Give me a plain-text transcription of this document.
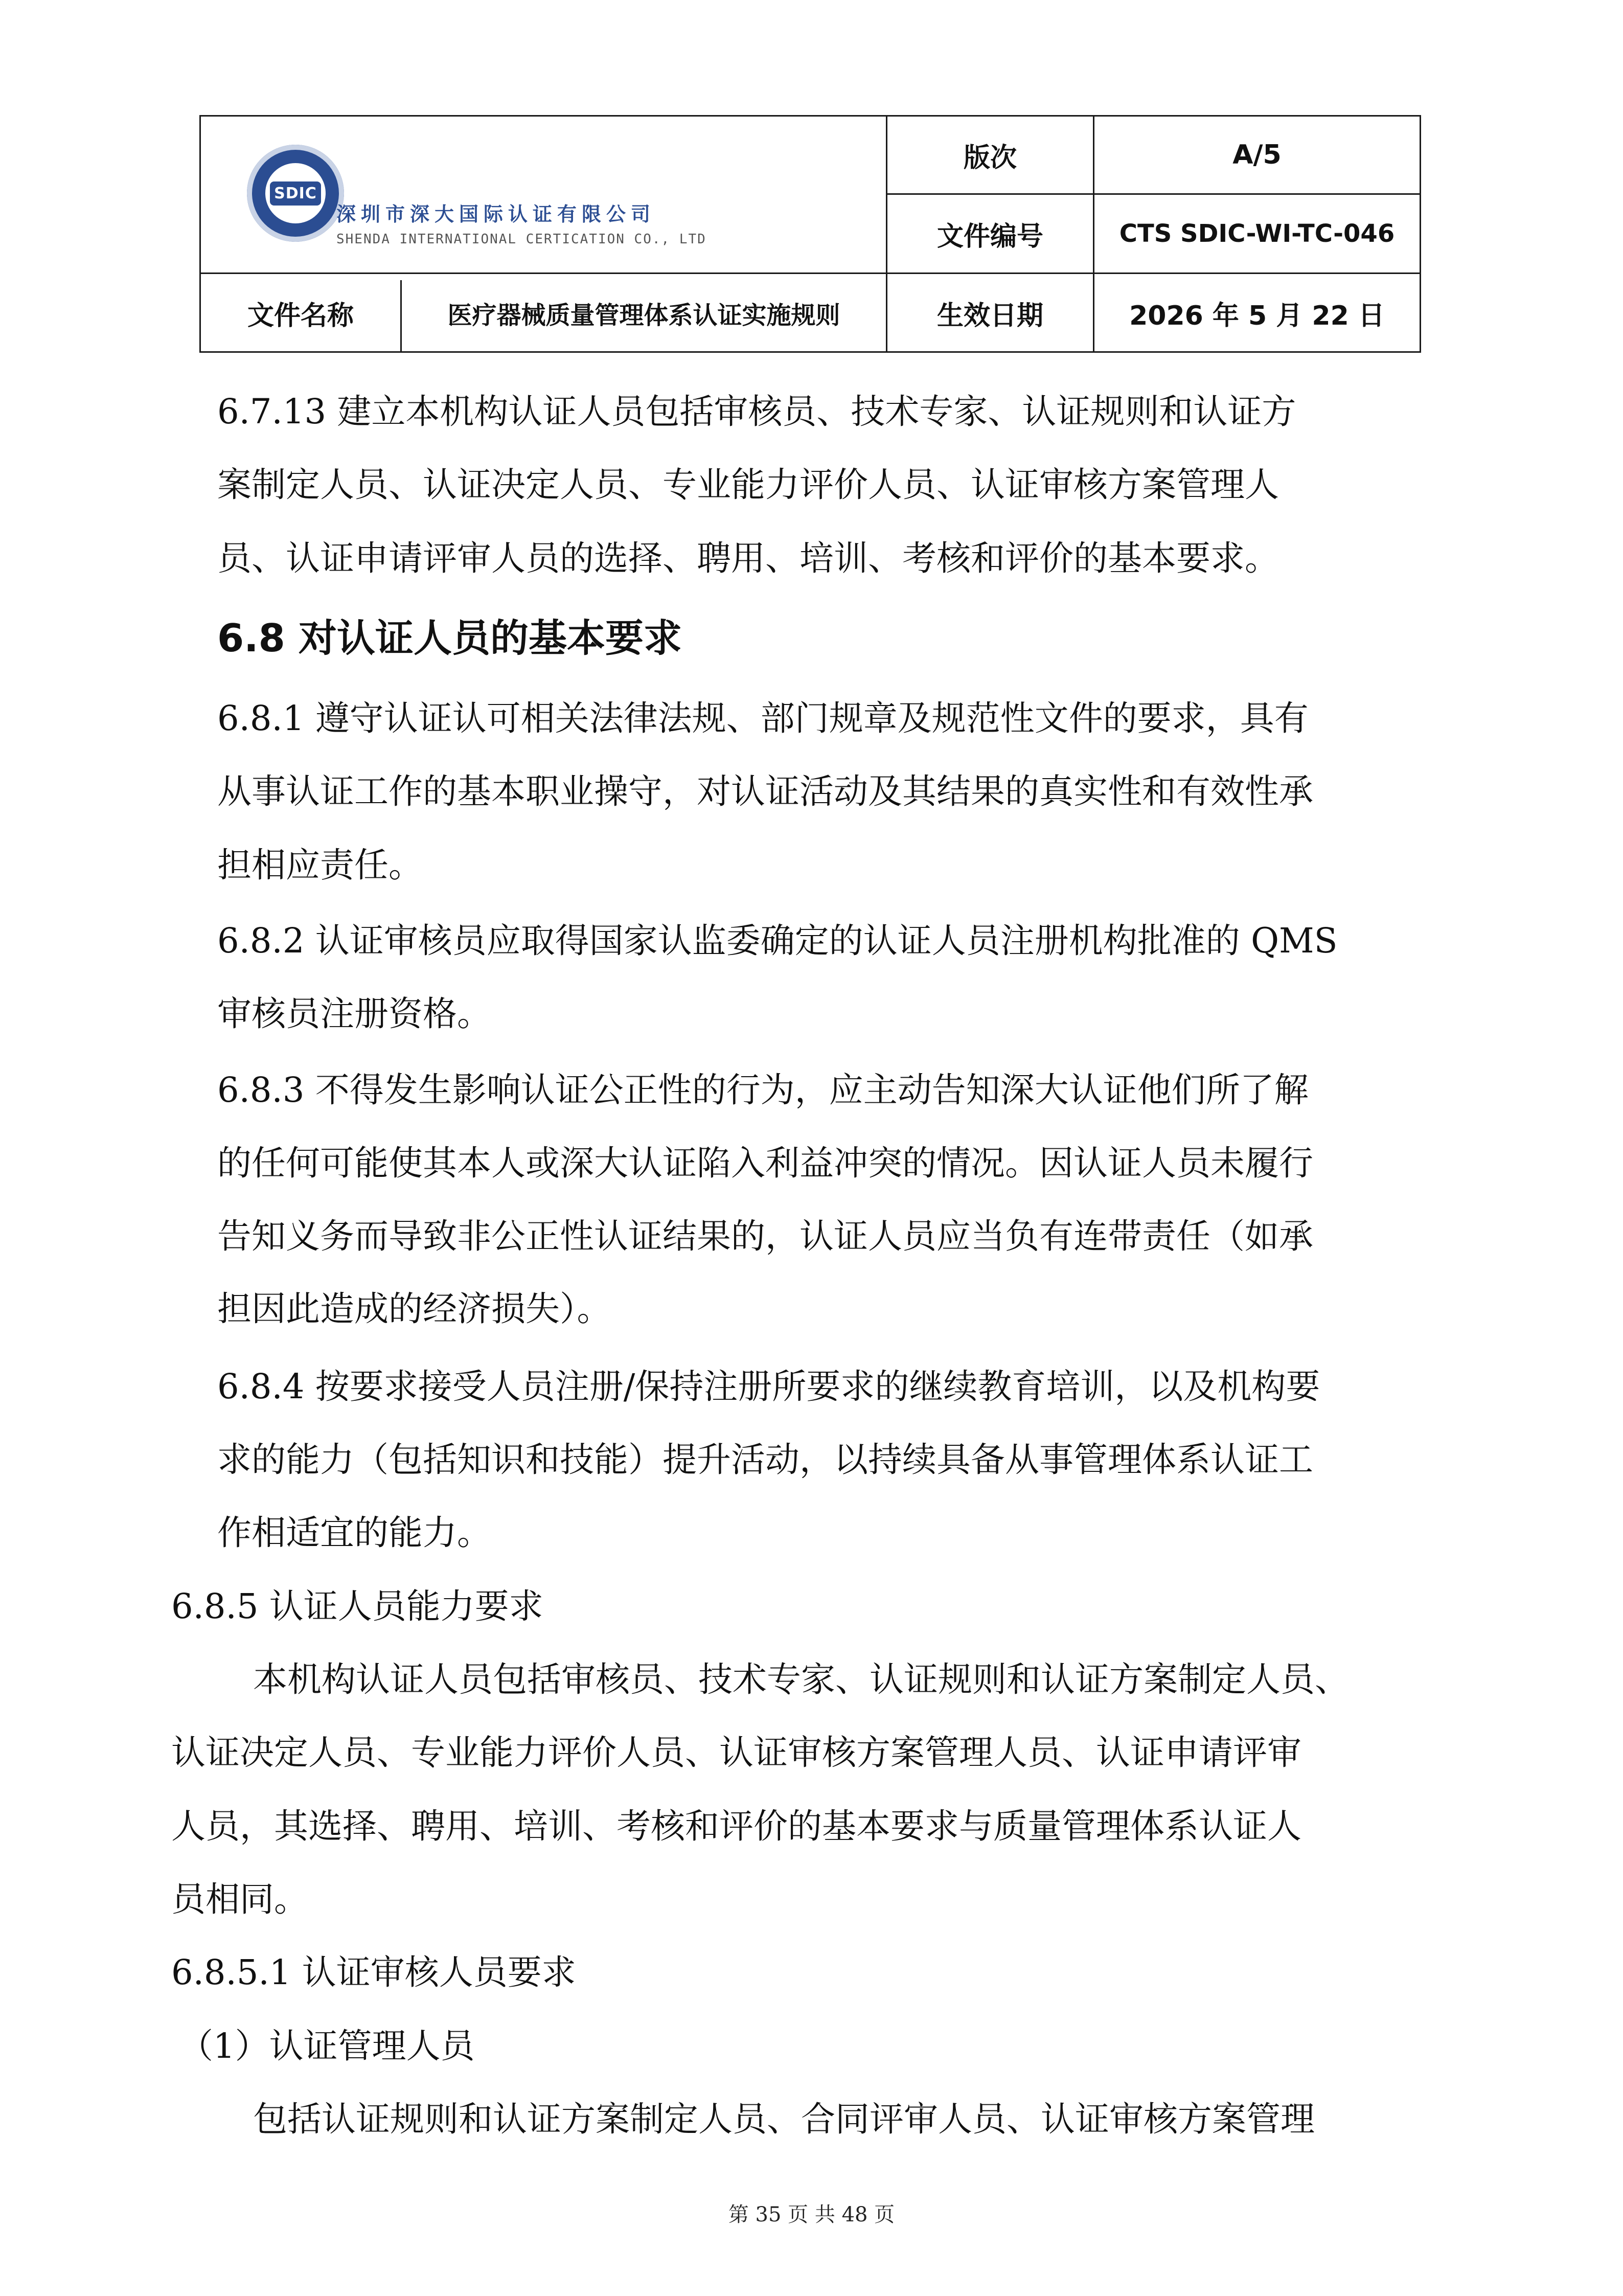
SDIC
深圳市深大国际认证有限公司
SHENDA INTERNATIONAL CERTICATION CO., LTD
版次	A/5
文件编号	CTS SDIC-WI-TC-046
文件名称	医疗器械质量管理体系认证实施规则	生效日期	2026 年 5 月 22 日
6.7.13 建立本机构认证人员包括审核员、技术专家、认证规则和认证方
案制定人员、认证决定人员、专业能力评价人员、认证审核方案管理人
员、认证申请评审人员的选择、聘用、培训、考核和评价的基本要求。
6.8 对认证人员的基本要求
6.8.1 遵守认证认可相关法律法规、部门规章及规范性文件的要求，具有
从事认证工作的基本职业操守，对认证活动及其结果的真实性和有效性承
担相应责任。
6.8.2 认证审核员应取得国家认监委确定的认证人员注册机构批准的 QMS
审核员注册资格。
6.8.3 不得发生影响认证公正性的行为，应主动告知深大认证他们所了解
的任何可能使其本人或深大认证陷入利益冲突的情况。因认证人员未履行
告知义务而导致非公正性认证结果的，认证人员应当负有连带责任（如承
担因此造成的经济损失）。
6.8.4 按要求接受人员注册/保持注册所要求的继续教育培训，以及机构要
求的能力（包括知识和技能）提升活动，以持续具备从事管理体系认证工
作相适宜的能力。
6.8.5 认证人员能力要求
本机构认证人员包括审核员、技术专家、认证规则和认证方案制定人员、
认证决定人员、专业能力评价人员、认证审核方案管理人员、认证申请评审
人员，其选择、聘用、培训、考核和评价的基本要求与质量管理体系认证人
员相同。
6.8.5.1 认证审核人员要求
（1）认证管理人员
包括认证规则和认证方案制定人员、合同评审人员、认证审核方案管理
第 35 页 共 48 页
